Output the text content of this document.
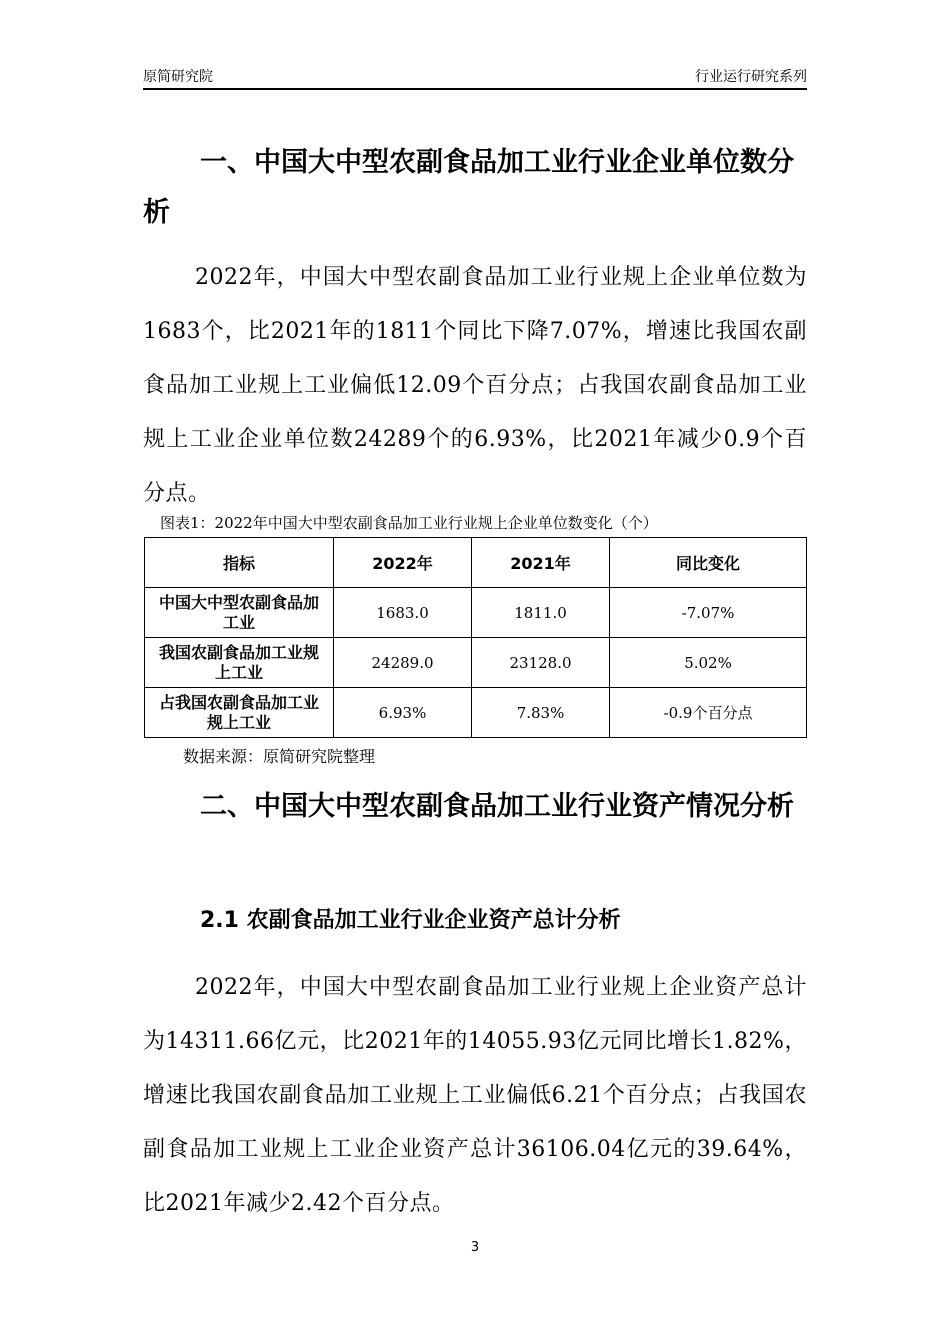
原简研究院	行业运行研究系列
一、中国大中型农副食品加工业行业企业单位数分析
2022年，中国大中型农副食品加工业行业规上企业单位数为1683个，比2021年的1811个同比下降7.07%，增速比我国农副食品加工业规上工业偏低12.09个百分点；占我国农副食品加工业规上工业企业单位数24289个的6.93%，比2021年减少0.9个百分点。
图表1：2022年中国大中型农副食品加工业行业规上企业单位数变化（个）
指标	2022年	2021年	同比变化
中国大中型农副食品加工业	1683.0	1811.0	-7.07%
我国农副食品加工业规上工业	24289.0	23128.0	5.02%
占我国农副食品加工业规上工业	6.93%	7.83%	-0.9个百分点
数据来源：原简研究院整理
二、中国大中型农副食品加工业行业资产情况分析
2.1 农副食品加工业行业企业资产总计分析
2022年，中国大中型农副食品加工业行业规上企业资产总计为14311.66亿元，比2021年的14055.93亿元同比增长1.82%，增速比我国农副食品加工业规上工业偏低6.21个百分点；占我国农副食品加工业规上工业企业资产总计36106.04亿元的39.64%，比2021年减少2.42个百分点。
3
